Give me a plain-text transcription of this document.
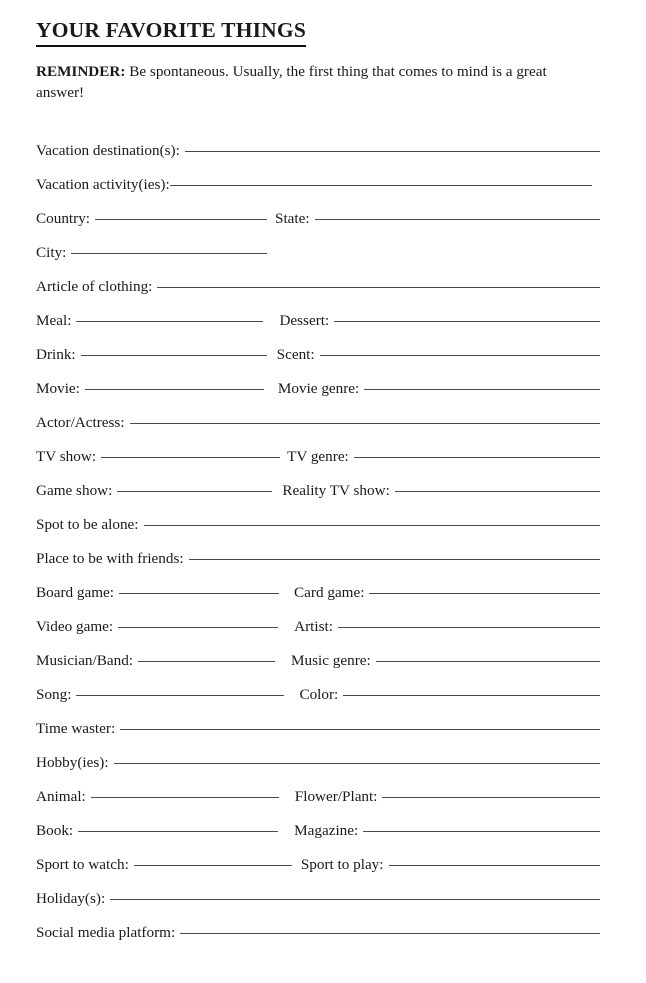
YOUR FAVORITE THINGS

REMINDER: Be spontaneous. Usually, the first thing that comes to mind is a great answer!

Vacation destination(s):
Vacation activity(ies):
Country:	State:
City:
Article of clothing:
Meal:	Dessert:
Drink:	Scent:
Movie:	Movie genre:
Actor/Actress:
TV show:	TV genre:
Game show:	Reality TV show:
Spot to be alone:
Place to be with friends:
Board game:	Card game:
Video game:	Artist:
Musician/Band:	Music genre:
Song:	Color:
Time waster:
Hobby(ies):
Animal:	Flower/Plant:
Book:	Magazine:
Sport to watch:	Sport to play:
Holiday(s):
Social media platform:
